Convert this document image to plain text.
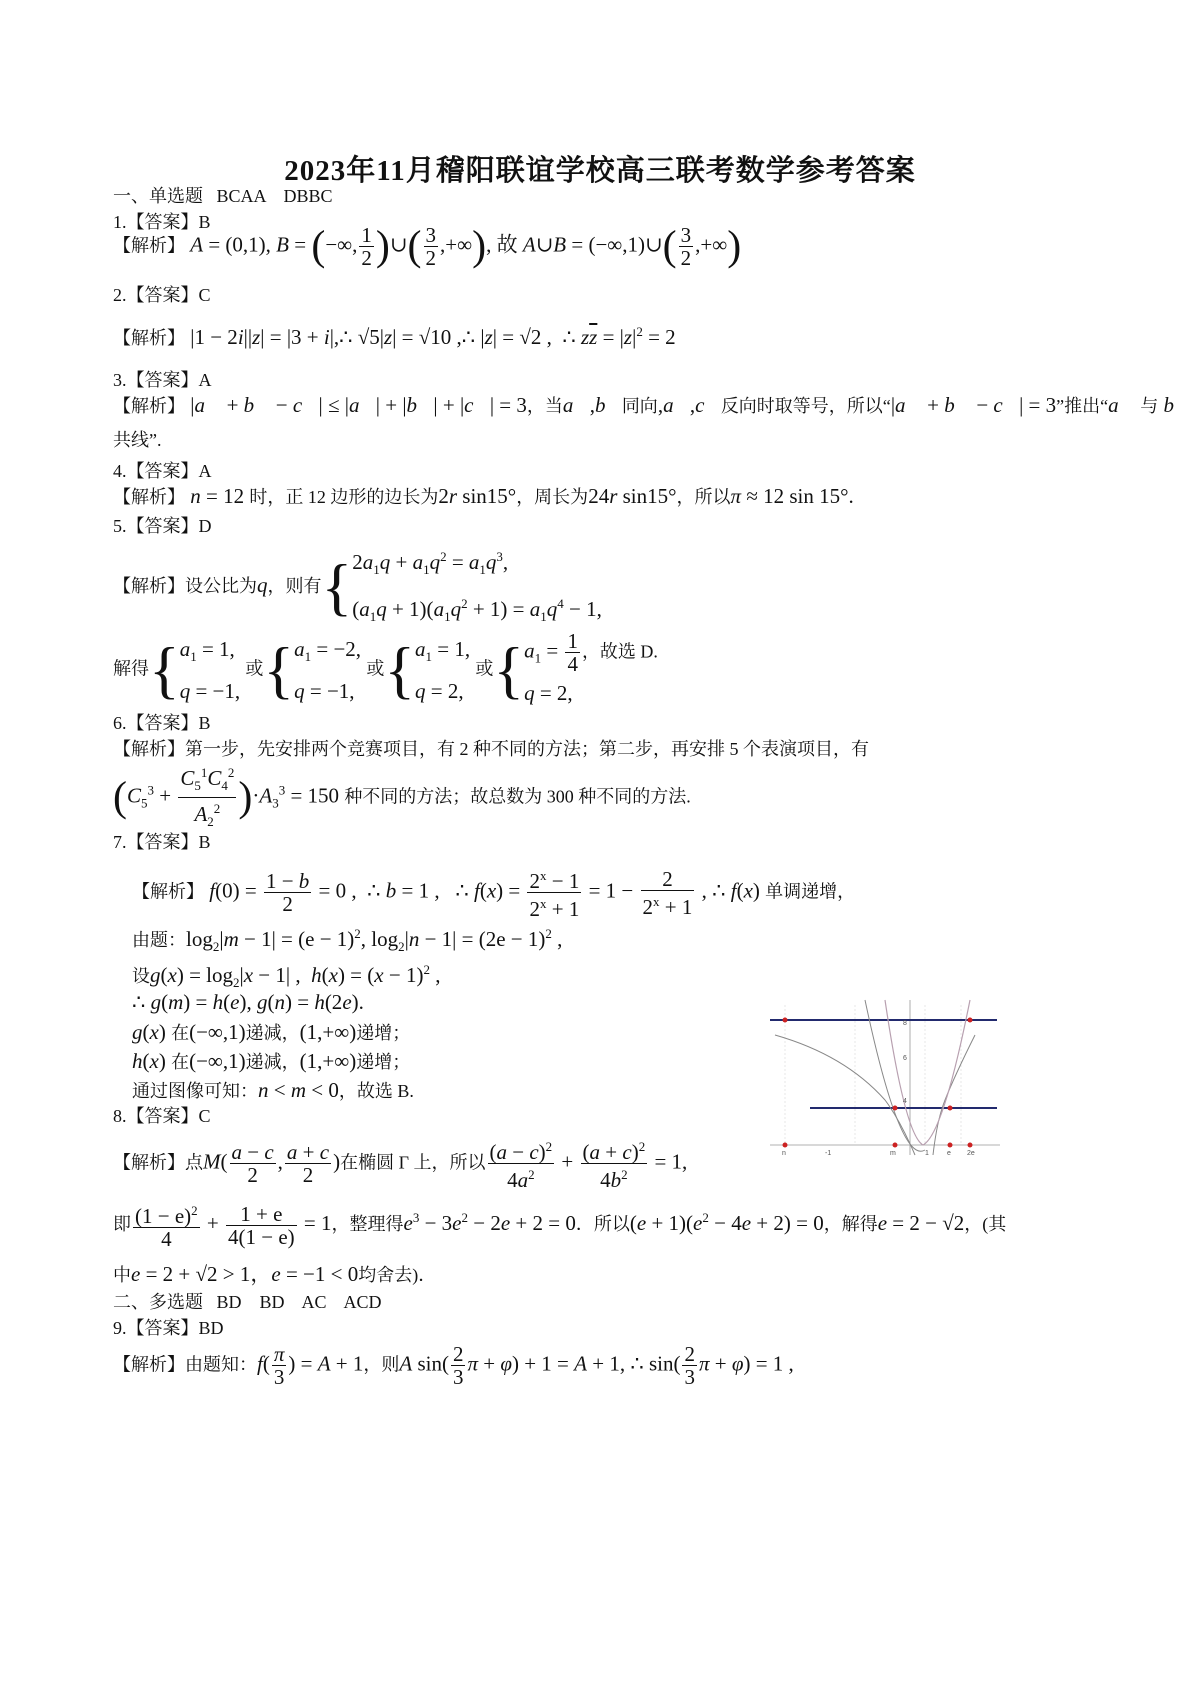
2023年11月稽阳联谊学校高三联考数学参考答案
一、单选题 BCAA    DBBC
1.【答案】B
【解析】 A = (0,1), B = (−∞, $\frac{1}{2}$ )∪( $\frac{3}{2}$ ,+∞), 故 A∪B = (−∞,1)∪( $\frac{3}{2}$ ,+∞)
2.【答案】C
【解析】 |1 − 2i||z| = |3 + i|,∴ √5|z| = √10 ,∴ |z| = √2 ,  ∴ $z\overline{z} = |z|^2 = 2$
3.【答案】A
【解析】 |a⃗ + b⃗ − c⃗| ≤ |a⃗| + |b⃗| + |c⃗| = 3，当a⃗,b⃗同向,a⃗,c⃗反向时取等号，所以“|a⃗ + b⃗ − c⃗| = 3”推出“a⃗ 与 b⃗
共线”.
4.【答案】A
【解析】 n = 12 时，正 12 边形的边长为2r sin15°，周长为24r sin15°，所以π ≈ 12 sin 15°.
5.【答案】D
【解析】设公比为q，则有{ $2a_1q + a_1q^2 = a_1q^3$,
$(a_1q + 1)(a_1q^2 + 1) = a_1q^4 - 1$,
解得{ $a_1 = 1$,
q = −1,
或{ $a_1 = -2$,
q = −1,
或{ $a_1 = 1$,
q = 2,
或{ $a_1 = \frac{1}{4}$ ，故选 D.
q = 2,
6.【答案】B
【解析】第一步，先安排两个竞赛项目，有 2 种不同的方法；第二步，再安排 5 个表演项目，有
$(C_5^3 + \frac{C_5^1C_4^2}{A_2^2} )\cdot A_3^3 = 150$ 种不同的方法；故总数为 300 种不同的方法.
7.【答案】B
【解析】 $f(0) = \frac{1 - b}{2} = 0$ ,  ∴ b = 1 ,   ∴ $f(x) = \frac{2^x - 1}{2^x + 1} = 1 - \frac{2}{2^x + 1}$ , ∴ f(x) 单调递增，
由题：$\log_2|m - 1| = (e - 1)^2$, $\log_2|n - 1| = (2e - 1)^2$ ,
设$g(x) = \log_2|x - 1|$ ,  $h(x) = (x - 1)^2$ ,
∴ g(m) = h(e), g(n) = h(2e).
g(x) 在(−∞,1)递减，(1,+∞)递增；
h(x) 在(−∞,1)递减，(1,+∞)递增；
通过图像可知：n < m < 0，故选 B.
n	m
-1	1	e 2e
4
8
6
8.【答案】C
【解析】点$M( \frac{a - c}{2}$ , $\frac{a + c}{2}$ )在椭圆 Γ 上，所以 $\frac{(a - c)^2}{4a^2} + \frac{(a + c)^2}{4b^2} = 1$,
即 $\frac{(1 - e)^2}{4} + \frac{1 + e}{4(1 - e)} = 1$，整理得$e^3 - 3e^2 - 2e + 2 = 0$．所以$(e + 1)(e^2 - 4e + 2) = 0$，解得e = 2 − √2，(其
中e = 2 + √2 > 1，e = −1 < 0均舍去)．
二、多选题 BD    BD    AC    ACD
9.【答案】BD
【解析】由题知：$f( \frac{\pi}{3}$ ) = A + 1，则A $\sin( \frac{2}{3}$ π + φ) + 1 = A + 1, ∴ $\sin( \frac{2}{3}$ π + φ) = 1 ,
